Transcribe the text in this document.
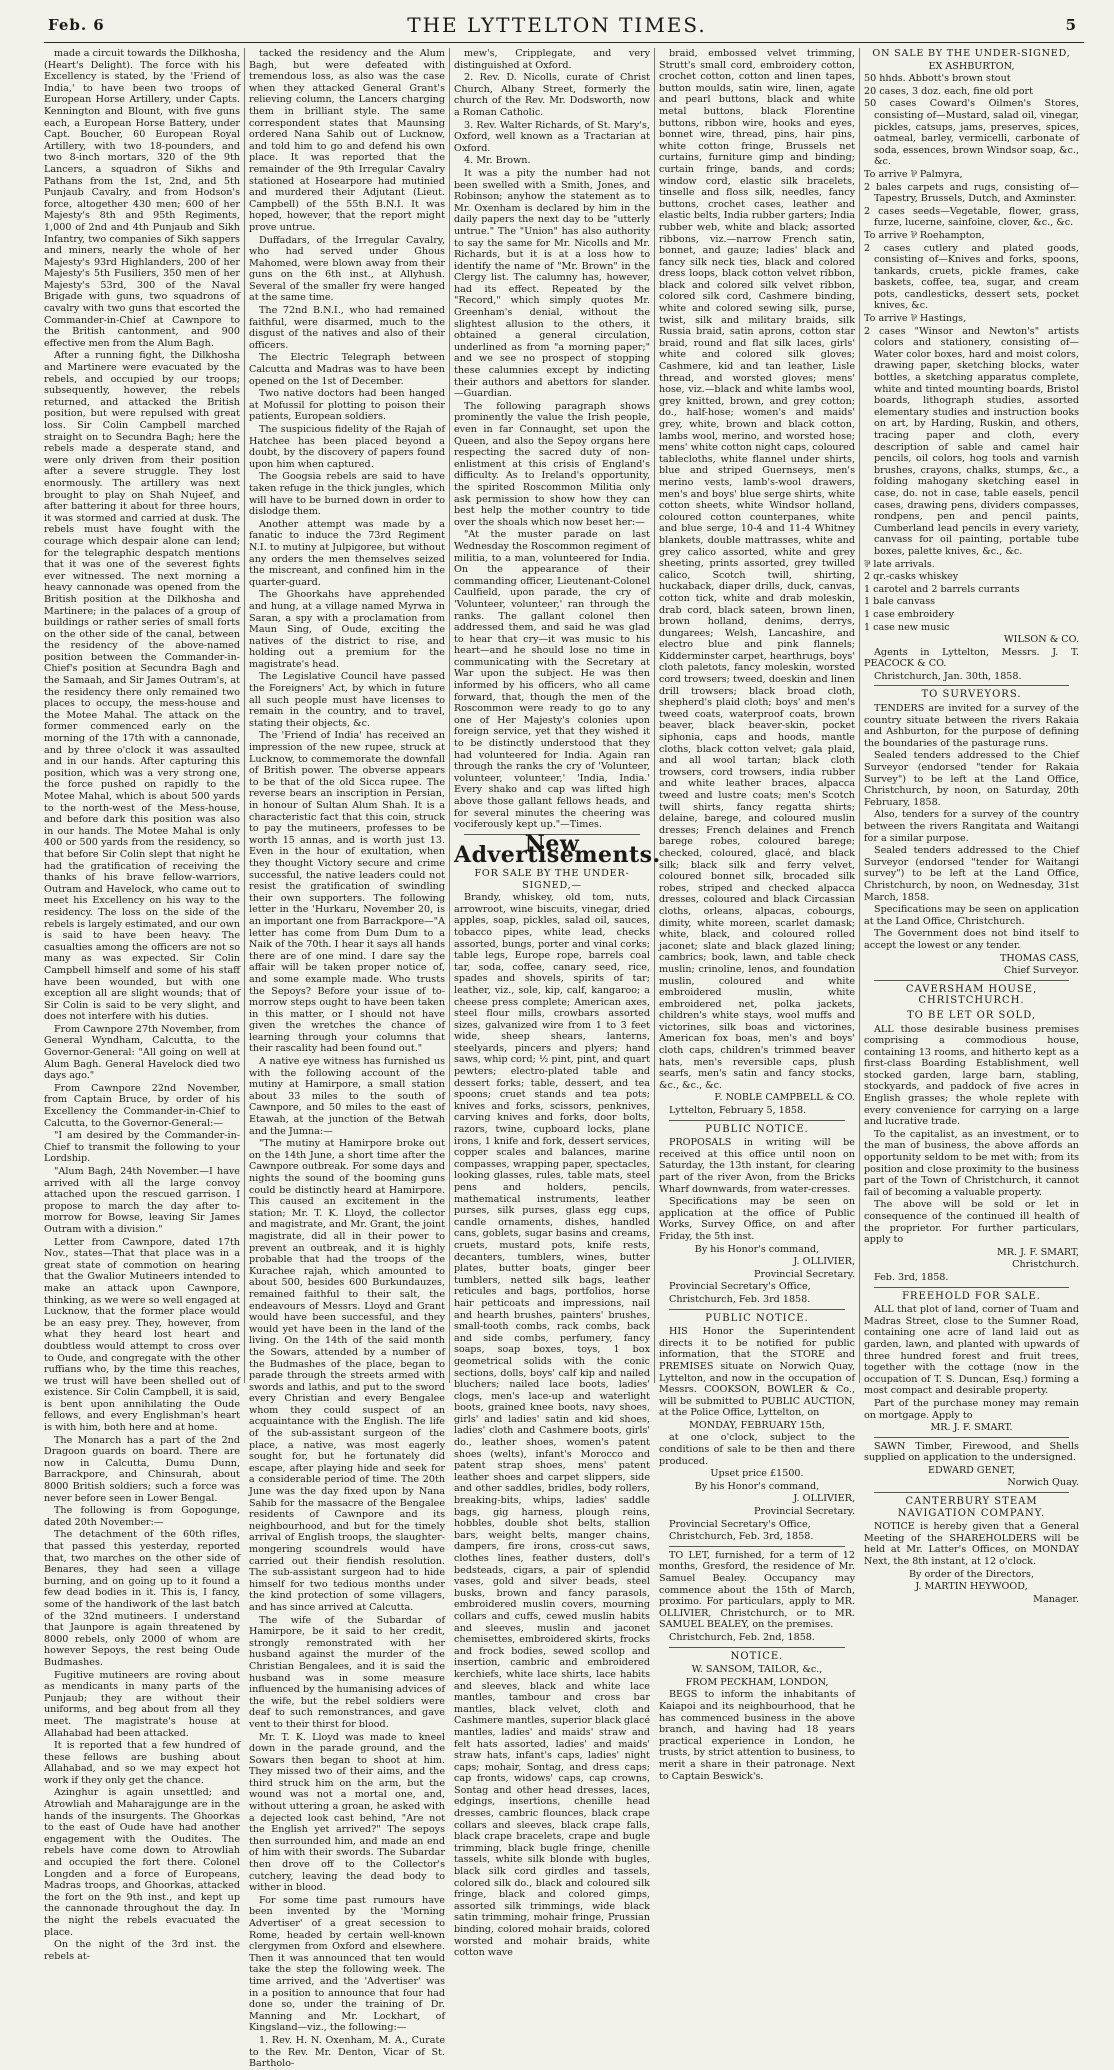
Feb. 6	THE LYTTELTON TIMES.	5

made a circuit towards the Dilkhosha, (Heart's Delight). The force with his Excellency is stated, by the 'Friend of India,' to have been two troops of European Horse Artillery, under Capts. Kennington and Blount, with five guns each, a European Horse Battery, under Capt. Boucher, 60 European Royal Artillery, with two 18-pounders, and two 8-inch mortars, 320 of the 9th Lancers, a squadron of Sikhs and Pathans from the 1st, 2nd, and 5th Punjaub Cavalry, and from Hodson's force, altogether 430 men; 600 of her Majesty's 8th and 95th Regiments, 1,000 of 2nd and 4th Punjaub and Sikh Infantry, two companies of Sikh sappers and miners, nearly the whole of her Majesty's 93rd Highlanders, 200 of her Majesty's 5th Fusiliers, 350 men of her Majesty's 53rd, 300 of the Naval Brigade with guns, two squadrons of cavalry with two guns that escorted the Commander-in-Chief at Cawnpore to the British cantonment, and 900 effective men from the Alum Bagh.

After a running fight, the Dilkhosha and Martinere were evacuated by the rebels, and occupied by our troops; subsequently, however, the rebels returned, and attacked the British position, but were repulsed with great loss. Sir Colin Campbell marched straight on to Secundra Bagh; here the rebels made a desperate stand, and were only driven from their position after a severe struggle. They lost enormously. The artillery was next brought to play on Shah Nujeef, and after battering it about for three hours, it was stormed and carried at dusk. The rebels must have fought with the courage which despair alone can lend; for the telegraphic despatch mentions that it was one of the severest fights ever witnessed. The next morning a heavy cannonade was opened from the British position at the Dilkhosha and Martinere; in the palaces of a group of buildings or rather series of small forts on the other side of the canal, between the residency of the above-named position between the Commander-in-Chief's position at Secundra Bagh and the Samaah, and Sir James Outram's, at the residency there only remained two places to occupy, the mess-house and the Motee Mahal. The attack on the former commenced early on the morning of the 17th with a cannonade, and by three o'clock it was assaulted and in our hands. After capturing this position, which was a very strong one, the force pushed on rapidly to the Motee Mahal, which is about 500 yards to the north-west of the Mess-house, and before dark this position was also in our hands. The Motee Mahal is only 400 or 500 yards from the residency, so that before Sir Colin slept that night he had the gratification of receiving the thanks of his brave fellow-warriors, Outram and Havelock, who came out to meet his Excellency on his way to the residency. The loss on the side of the rebels is largely estimated, and our own is said to have been heavy. The casualties among the officers are not so many as was expected. Sir Colin Campbell himself and some of his staff have been wounded, but with one exception all are slight wounds; that of Sir Colin is said to be very slight, and does not interfere with his duties.

From Cawnpore 27th November, from General Wyndham, Calcutta, to the Governor-General: "All going on well at Alum Bagh. General Havelock died two days ago."

From Cawnpore 22nd November, from Captain Bruce, by order of his Excellency the Commander-in-Chief to Calcutta, to the Governor-General:—

"I am desired by the Commander-in-Chief to transmit the following to your Lordship.

"Alum Bagh, 24th November.—I have arrived with all the large convoy attached upon the rescued garrison. I propose to march the day after to-morrow for Bowse, leaving Sir James Outram with a division."

Letter from Cawnpore, dated 17th Nov., states—That that place was in a great state of commotion on hearing that the Gwalior Mutineers intended to make an attack upon Cawnpore, thinking, as we were so well engaged at Lucknow, that the former place would be an easy prey. They, however, from what they heard lost heart and doubtless would attempt to cross over to Oude, and congregate with the other ruffians who, by the time this reaches, we trust will have been shelled out of existence. Sir Colin Campbell, it is said, is bent upon annihilating the Oude fellows, and every Englishman's heart is with him, both here and at home.

The Monarch has a part of the 2nd Dragoon guards on board. There are now in Calcutta, Dumu Dunn, Barrackpore, and Chinsurah, about 8000 British soldiers; such a force was never before seen in Lower Bengal.

The following is from Gopogunge, dated 20th November:—

The detachment of the 60th rifles, that passed this yesterday, reported that, two marches on the other side of Benares, they had seen a village burning, and on going up to it found a few dead bodies in it. This is, I fancy, some of the handiwork of the last batch of the 32nd mutineers. I understand that Jaunpore is again threatened by 8000 rebels, only 2000 of whom are however Sepoys, the rest being Oude Budmashes.

Fugitive mutineers are roving about as mendicants in many parts of the Punjaub; they are without their uniforms, and beg about from all they meet. The magistrate's house at Allahabad had been attacked.

It is reported that a few hundred of these fellows are bushing about Allahabad, and so we may expect hot work if they only get the chance.

Azinghur is again unsettled; and Atrowliah and Maharajgunge are in the hands of the insurgents. The Ghoorkas to the east of Oude have had another engagement with the Oudites. The rebels have come down to Atrowliah and occupied the fort there. Colonel Longden and a force of Europeans, Madras troops, and Ghoorkas, attacked the fort on the 9th inst., and kept up the cannonade throughout the day. In the night the rebels evacuated the place.

On the night of the 3rd inst. the rebels at-

tacked the residency and the Alum Bagh, but were defeated with tremendous loss, as also was the case when they attacked General Grant's relieving column, the Lancers charging them in brilliant style. The same correspondent states that Maunsing ordered Nana Sahib out of Lucknow, and told him to go and defend his own place. It was reported that the remainder of the 9th Irregular Cavalry stationed at Hosearpore had mutinied and murdered their Adjutant (Lieut. Campbell) of the 55th B.N.I. It was hoped, however, that the report might prove untrue.

Duffadars, of the Irregular Cavalry, who had served under Ghous Mahomed, were blown away from their guns on the 6th inst., at Allyhush. Several of the smaller fry were hanged at the same time.

The 72nd B.N.I., who had remained faithful, were disarmed, much to the disgust of the natives and also of their officers.

The Electric Telegraph between Calcutta and Madras was to have been opened on the 1st of December.

Two native doctors had been hanged at Mofussil for plotting to poison their patients, European soldiers.

The suspicious fidelity of the Rajah of Hatchee has been placed beyond a doubt, by the discovery of papers found upon him when captured.

The Googsia rebels are said to have taken refuge in the thick jungles, which will have to be burned down in order to dislodge them.

Another attempt was made by a fanatic to induce the 73rd Regiment N.I. to mutiny at Julpigoree, but without any orders the men themselves seized the miscreant, and confined him in the quarter-guard.

The Ghoorkahs have apprehended and hung, at a village named Myrwa in Saran, a spy with a proclamation from Maun Sing, of Oude, exciting the natives of the district to rise, and holding out a premium for the magistrate's head.

The Legislative Council have passed the Foreigners' Act, by which in future all such people must have licenses to remain in the country, and to travel, stating their objects, &c.

The 'Friend of India' has received an impression of the new rupee, struck at Lucknow, to commemorate the downfall of British power. The obverse appears to be that of the old Sicca rupee. The reverse bears an inscription in Persian, in honour of Sultan Alum Shah. It is a characteristic fact that this coin, struck to pay the mutineers, professes to be worth 15 annas, and is worth just 13. Even in the hour of exultation, when they thought Victory secure and crime successful, the native leaders could not resist the gratification of swindling their own supporters. The following letter in the 'Hurkaru, November 20, is an important one from Barrackpore—"A letter has come from Dum Dum to a Naik of the 70th. I hear it says all hands there are of one mind. I dare say the affair will be taken proper notice of, and some example made. Who trusts the Sepoys? Before your issue of to-morrow steps ought to have been taken in this matter, or I should not have given the wretches the chance of learning through your columns that their rascality had been found out."

A native eye witness has furnished us with the following account of the mutiny at Hamirpore, a small station about 33 miles to the south of Cawnpore, and 50 miles to the east of Etawah, at the junction of the Betwah and the Jumna:—

"The mutiny at Hamirpore broke out on the 14th June, a short time after the Cawnpore outbreak. For some days and nights the sound of the booming guns could be distinctly heard at Hamirpore. This caused an excitement in the station; Mr. T. K. Lloyd, the collector and magistrate, and Mr. Grant, the joint magistrate, did all in their power to prevent an outbreak, and it is highly probable that had the troops of the Kurachee rajah, which amounted to about 500, besides 600 Burkundauzes, remained faithful to their salt, the endeavours of Messrs. Lloyd and Grant would have been successful, and they would yet have been in the land of the living. On the 14th of the said month the Sowars, attended by a number of the Budmashes of the place, began to parade through the streets armed with swords and lathis, and put to the sword every Christian and every Bengalee whom they could suspect of an acquaintance with the English. The life of the sub-assistant surgeon of the place, a native, was most eagerly sought for, but he fortunately did escape, after playing hide and seek for a considerable period of time. The 20th June was the day fixed upon by Nana Sahib for the massacre of the Bengalee residents of Cawnpore and its neighbourhood, and but for the timely arrival of English troops, the slaughter-mongering scoundrels would have carried out their fiendish resolution. The sub-assistant surgeon had to hide himself for two tedious months under the kind protection of some villagers, and has since arrived at Calcutta.

The wife of the Subardar of Hamirpore, be it said to her credit, strongly remonstrated with her husband against the murder of the Christian Bengalees, and it is said the husband was in some measure influenced by the humanising advices of the wife, but the rebel soldiers were deaf to such remonstrances, and gave vent to their thirst for blood.

Mr. T. K. Lloyd was made to kneel down in the parade ground, and the Sowars then began to shoot at him. They missed two of their aims, and the third struck him on the arm, but the wound was not a mortal one, and, without uttering a groan, he asked with a dejected look cast behind, "Are not the English yet arrived?" The sepoys then surrounded him, and made an end of him with their swords. The Subardar then drove off to the Collector's cutchery, leaving the dead body to wither in blood.

For some time past rumours have been invented by the 'Morning Advertiser' of a great secession to Rome, headed by certain well-known clergymen from Oxford and elsewhere. Then it was announced that ten would take the step the following week. The time arrived, and the 'Advertiser' was in a position to announce that four had done so, under the training of Dr. Manning and Mr. Lockhart, of Kingsland—viz., the following:—

1. Rev. H. N. Oxenham, M. A., Curate to the Rev. Mr. Denton, Vicar of St. Bartholo-

mew's, Cripplegate, and very distinguished at Oxford.

2. Rev. D. Nicolls, curate of Christ Church, Albany Street, formerly the church of the Rev. Mr. Dodsworth, now a Roman Catholic.

3. Rev. Walter Richards, of St. Mary's, Oxford, well known as a Tractarian at Oxford.

4. Mr. Brown.

It was a pity the number had not been swelled with a Smith, Jones, and Robinson; anyhow the statement as to Mr. Oxenham is declared by him in the daily papers the next day to be "utterly untrue." The "Union" has also authority to say the same for Mr. Nicolls and Mr. Richards, but it is at a loss how to identify the name of "Mr. Brown" in the Clergy list. The calumny has, however, had its effect. Repeated by the "Record," which simply quotes Mr. Greenham's denial, without the slightest allusion to the others, it obtained a general circulation, underlined as from "a morning paper;" and we see no prospect of stopping these calumnies except by indicting their authors and abettors for slander.—Guardian.

The following paragraph shows prominently the value the Irish people, even in far Connaught, set upon the Queen, and also the Sepoy organs here respecting the sacred duty of non-enlistment at this crisis of England's difficulty. As to Ireland's opportunity, the spirited Roscommon Militia only ask permission to show how they can best help the mother country to tide over the shoals which now beset her:—

"At the muster parade on last Wednesday the Roscommon regiment of militia, to a man, volunteered for India. On the appearance of their commanding officer, Lieutenant-Colonel Caulfield, upon parade, the cry of 'Volunteer, volunteer,' ran through the ranks. The gallant colonel then addressed them, and said he was glad to hear that cry—it was music to his heart—and he should lose no time in communicating with the Secretary at War upon the subject. He was then informed by his officers, who all came forward, that, though the men of the Roscommon were ready to go to any one of Her Majesty's colonies upon foreign service, yet that they wished it to be distinctly understood that they had volunteered for India. Again ran through the ranks the cry of 'Volunteer, volunteer, volunteer,' 'India, India.' Every shako and cap was lifted high above those gallant fellows heads, and for several minutes the cheering was vociferously kept up."—Times.

New Advertisements.

FOR SALE BY THE UNDER-SIGNED,—

Brandy, whiskey, old tom, nuts, arrowroot, wine biscuits, vinegar, dried apples, soap, pickles, salad oil, sauces, tobacco pipes, white lead, checks assorted, bungs, porter and vinal corks; table legs, Europe rope, barrels coal tar, soda, coffee, canary seed, rice, spades and shovels, spirits of tar; leather, viz., sole, kip, calf, kangaroo; a cheese press complete; American axes, steel flour mills, crowbars assorted sizes, galvanized wire from 1 to 3 feet wide, sheep shears, lanterns, steelyards, pincers and plyers; hand saws, whip cord; ½ pint, pint, and quart pewters; electro-plated table and dessert forks; table, dessert, and tea spoons; cruet stands and tea pots; knives and forks, scissors, penknives, carving knives and forks, door bolts, razors, twine, cupboard locks, plane irons, 1 knife and fork, dessert services, copper scales and balances, marine compasses, wrapping paper, spectacles, looking glasses, rules, table mats, steel pens and holders, pencils, mathematical instruments, leather purses, silk purses, glass egg cups, candle ornaments, dishes, handled cans, goblets, sugar basins and creams, cruets, mustard pots, knife rests, decanters, tumblers, wines, butter plates, butter boats, ginger beer tumblers, netted silk bags, leather reticules and bags, portfolios, horse hair petticoats and impressions, nail and hearth brushes, painters' brushes, small-tooth combs, rack combs, back and side combs, perfumery, fancy soaps, soap boxes, toys, 1 box geometrical solids with the conic sections, dolls, boys' calf kip and nailed bluchers; nailed lace boots, ladies' clogs, men's lace-up and waterlight boots, grained knee boots, navy shoes, girls' and ladies' satin and kid shoes, ladies' cloth and Cashmere boots, girls' do., leather shoes, women's patent shoes (welts), infant's Morocco and patent strap shoes, mens' patent leather shoes and carpet slippers, side and other saddles, bridles, body rollers, breaking-bits, whips, ladies' saddle bags, gig harness, plough reins, hobbles, double shot belts, stallion bars, weight belts, manger chains, dampers, fire irons, cross-cut saws, clothes lines, feather dusters, doll's bedsteads, cigars, a pair of splendid vases, gold and silver beads, steel busks, brown and fancy parasols, embroidered muslin covers, mourning collars and cuffs, cewed muslin habits and sleeves, muslin and jaconet chemisettes, embroidered skirts, frocks and frock bodies, sewed scollop and insertion, cambric and embroidered kerchiefs, white lace shirts, lace habits and sleeves, black and white lace mantles, tambour and cross bar mantles, black velvet, cloth and Cashmere mantles, superior black glacé mantles, ladies' and maids' straw and felt hats assorted, ladies' and maids' straw hats, infant's caps, ladies' night caps; mohair, Sontag, and dress caps; cap fronts, widows' caps, cap crowns, Sontag and other head dresses, laces, edgings, insertions, chenille head dresses, cambric flounces, black crape collars and sleeves, black crape falls, black crape bracelets, crape and bugle trimming, black bugle fringe, chenille tassels, white silk blonde with bugles, black silk cord girdles and tassels, colored silk do., black and coloured silk fringe, black and colored gimps, assorted silk trimmings, wide black satin trimming, mohair fringe, Prussian binding, colored mohair braids, colored worsted and mohair braids, white cotton wave

braid, embossed velvet trimming, Strutt's small cord, embroidery cotton, crochet cotton, cotton and linen tapes, button moulds, satin wire, linen, agate and pearl buttons, black and white metal buttons, black Florentine buttons, ribbon wire, hooks and eyes, bonnet wire, thread, pins, hair pins, white cotton fringe, Brussels net curtains, furniture gimp and binding; curtain fringe, bands, and cords; window cord, elastic silk bracelets, tinselle and floss silk, needles, fancy buttons, crochet cases, leather and elastic belts, India rubber garters; India rubber web, white and black; assorted ribbons, viz.—narrow French satin, bonnet, and gauze; ladies' black and fancy silk neck ties, black and colored dress loops, black cotton velvet ribbon, black and colored silk velvet ribbon, colored silk cord, Cashmere binding, white and colored sewing silk, purse, twist, silk and military braids, silk Russia braid, satin aprons, cotton star braid, round and flat silk laces, girls' white and colored silk gloves; Cashmere, kid and tan leather, Lisle thread, and worsted gloves; mens' hose, viz.—black and white lambs wool, grey knitted, brown, and grey cotton; do., half-hose; women's and maids' grey, white, brown and black cotton, lambs wool, merino, and worsted hose; mens' white cotton night caps, coloured tablecloths, white flannel under shirts, blue and striped Guernseys, men's merino vests, lamb's-wool drawers, men's and boys' blue serge shirts, white cotton sheets, white Windsor holland, coloured cotton counterpanes, white and blue serge, 10-4 and 11-4 Whitney blankets, double mattrasses, white and grey calico assorted, white and grey sheeting, prints assorted, grey twilled calico, Scotch twill, shirting, huckaback, diaper drills, duck, canvas, cotton tick, white and drab moleskin, drab cord, black sateen, brown linen, brown holland, denims, derrys, dungarees; Welsh, Lancashire, and electro blue and pink flannels; Kidderminster carpet, hearthrugs, boys' cloth paletots, fancy moleskin, worsted cord trowsers; tweed, doeskin and linen drill trowsers; black broad cloth, shepherd's plaid cloth; boys' and men's tweed coats, waterproof coats, brown beaver, black beaver-skin, pocket siphonia, caps and hoods, mantle cloths, black cotton velvet; gala plaid, and all wool tartan; black cloth trowsers, cord trowsers, india rubber and white leather braces, alpacca tweed and lustre coats; men's Scotch twill shirts, fancy regatta shirts; delaine, barege, and coloured muslin dresses; French delaines and French barege robes, coloured barege; checked, coloured, glacé, and black silk; black silk and ferry velvet, coloured bonnet silk, brocaded silk robes, striped and checked alpacca dresses, coloured and black Circassian cloths, orleans, alpacas, cobourgs, dimity, white moreen, scarlet damask; white, black, and coloured rolled jaconet; slate and black glazed lining; cambrics; book, lawn, and table check muslin; crinoline, lenos, and foundation muslin, coloured and white embroidered muslin, white embroidered net, polka jackets, children's white stays, wool muffs and victorines, silk boas and victorines, American fox boas, men's and boys' cloth caps, children's trimmed beaver hats, men's reversible caps, plush searfs, men's satin and fancy stocks, &c., &c., &c.

F. NOBLE CAMPBELL & CO.

Lyttelton, February 5, 1858.

PUBLIC NOTICE.

PROPOSALS in writing will be received at this office until noon on Saturday, the 13th instant, for clearing part of the river Avon, from the Bricks Wharf downwards, from water-cresses.

Specifications may be seen on application at the office of Public Works, Survey Office, on and after Friday, the 5th inst.

By his Honor's command,

J. OLLIVIER,

Provincial Secretary.

Provincial Secretary's Office,

Christchurch, Feb. 3rd 1858.

PUBLIC NOTICE.

HIS Honor the Superintendent directs it to be notified for public information, that the STORE and PREMISES situate on Norwich Quay, Lyttelton, and now in the occupation of Messrs. COOKSON, BOWLER & Co., will be submitted to PUBLIC AUCTION, at the Police Office, Lyttelton, on

MONDAY, FEBRUARY 15th,

at one o'clock, subject to the conditions of sale to be then and there produced.

Upset price £1500.

By his Honor's command,

J. OLLIVIER,

Provincial Secretary.

Provincial Secretary's Office,

Christchurch, Feb. 3rd, 1858.

TO LET, furnished, for a term of 12 months, Gresford, the residence of Mr. Samuel Bealey. Occupancy may commence about the 15th of March, proximo. For particulars, apply to MR. OLLIVIER, Christchurch, or to MR. SAMUEL BEALEY, on the premises.

Christchurch, Feb. 2nd, 1858.

NOTICE.

W. SANSOM, TAILOR, &c.,

FROM PECKHAM, LONDON,

BEGS to inform the inhabitants of Kaiapoi and its neighbourhood, that he has commenced business in the above branch, and having had 18 years practical experience in London, he trusts, by strict attention to business, to merit a share in their patronage. Next to Captain Beswick's.

ON SALE BY THE UNDER-SIGNED,

EX ASHBURTON,

50 hhds. Abbott's brown stout

20 cases, 3 doz. each, fine old port

50 cases Coward's Oilmen's Stores, consisting of—Mustard, salad oil, vinegar, pickles, catsups, jams, preserves, spices, oatmeal, barley, vermicelli, carbonate of soda, essences, brown Windsor soap, &c., &c.

To arrive ⅌ Palmyra,

2 bales carpets and rugs, consisting of—Tapestry, Brussels, Dutch, and Axminster.

2 cases seeds—Vegetable, flower, grass, furze, lucerne, sainfoine, clover, &c., &c.

To arrive ⅌ Roehampton,

2 cases cutlery and plated goods, consisting of—Knives and forks, spoons, tankards, cruets, pickle frames, cake baskets, coffee, tea, sugar, and cream pots, candlesticks, dessert sets, pocket knives, &c.

To arrive ⅌ Hastings,

2 cases "Winsor and Newton's" artists colors and stationery, consisting of—Water color boxes, hard and moist colors, drawing paper, sketching blocks, water bottles, a sketching apparatus complete, white and tinted mounting boards, Bristol boards, lithograph studies, assorted elementary studies and instruction books on art, by Harding, Ruskin, and others, tracing paper and cloth, every description of sable and camel hair pencils, oil colors, hog tools and varnish brushes, crayons, chalks, stumps, &c., a folding mahogany sketching easel in case, do. not in case, table easels, pencil cases, drawing pens, dividers compasses, rondpens, pen and pencil paints, Cumberland lead pencils in every variety, canvass for oil painting, portable tube boxes, palette knives, &c., &c.

⅌ late arrivals.

2 qr.-casks whiskey

1 carotel and 2 barrels currants

1 bale canvass

1 case embroidery

1 case new music

WILSON & CO.

Agents in Lyttelton, Messrs. J. T. PEACOCK & CO.

Christchurch, Jan. 30th, 1858.

TO SURVEYORS.

TENDERS are invited for a survey of the country situate between the rivers Rakaia and Ashburton, for the purpose of defining the boundaries of the pasturage runs.

Sealed tenders addressed to the Chief Surveyor (endorsed "tender for Rakaia Survey") to be left at the Land Office, Christchurch, by noon, on Saturday, 20th February, 1858.

Also, tenders for a survey of the country between the rivers Rangitata and Waitangi for a similar purpose.

Sealed tenders addressed to the Chief Surveyor (endorsed "tender for Waitangi survey") to be left at the Land Office, Christchurch, by noon, on Wednesday, 31st March, 1858.

Specifications may be seen on application at the Land Office, Christchurch.

The Government does not bind itself to accept the lowest or any tender.

THOMAS CASS,

Chief Surveyor.

CAVERSHAM HOUSE, CHRISTCHURCH.
TO BE LET OR SOLD,

ALL those desirable business premises comprising a commodious house, containing 13 rooms, and hitherto kept as a first-class Boarding Establishment, well stocked garden, large barn, stabling, stockyards, and paddock of five acres in English grasses; the whole replete with every convenience for carrying on a large and lucrative trade.

To the capitalist, as an investment, or to the man of business, the above affords an opportunity seldom to be met with; from its position and close proximity to the business part of the Town of Christchurch, it cannot fail of becoming a valuable property.

The above will be sold or let in consequence of the continued ill health of the proprietor. For further particulars, apply to

MR. J. F. SMART,

Christchurch.

Feb. 3rd, 1858.

FREEHOLD FOR SALE.

ALL that plot of land, corner of Tuam and Madras Street, close to the Sumner Road, containing one acre of land laid out as garden, lawn, and planted with upwards of three hundred forest and fruit trees, together with the cottage (now in the occupation of T. S. Duncan, Esq.) forming a most compact and desirable property.

Part of the purchase money may remain on mortgage. Apply to

MR. J. F. SMART.

SAWN Timber, Firewood, and Shells supplied on application to the undersigned.

EDWARD GENET,

Norwich Quay.

CANTERBURY STEAM NAVIGATION COMPANY.

NOTICE is hereby given that a General Meeting of the SHAREHOLDERS will be held at Mr. Latter's Offices, on MONDAY Next, the 8th instant, at 12 o'clock.

By order of the Directors,

J. MARTIN HEYWOOD,

Manager.
